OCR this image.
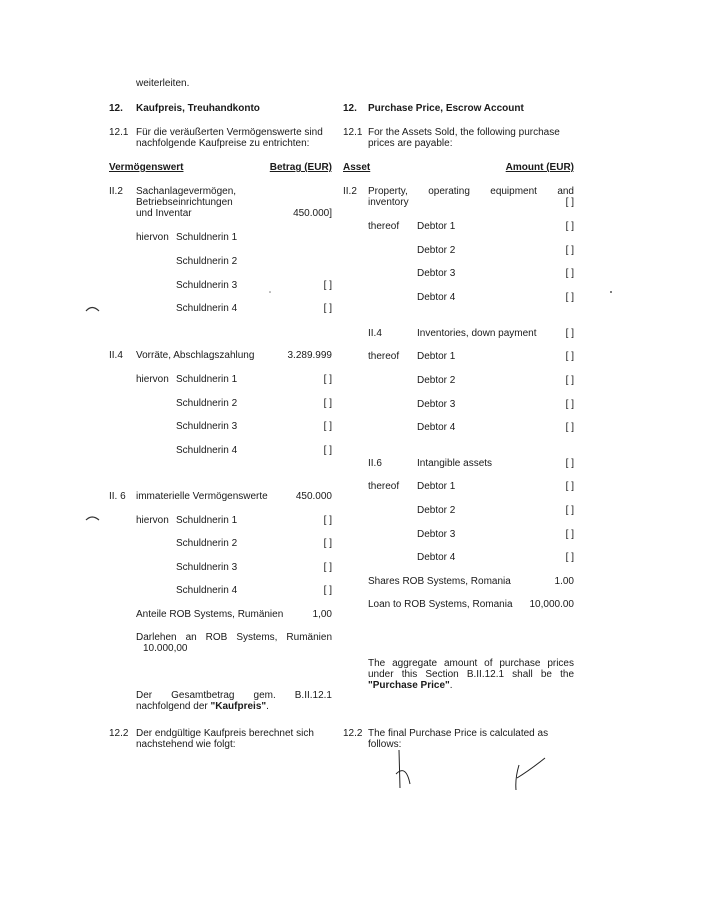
weiterleiten.
12. Kaufpreis, Treuhandkonto
12.1 Für die veräußerten Vermögenswerte sind
nachfolgende Kaufpreise zu entrichten:
Vermögenswert	Betrag (EUR)
II.2 Sachanlagevermögen,
Betriebseinrichtungen
und Inventar	450.000]
hiervon Schuldnerin 1
Schuldnerin 2
Schuldnerin 3	[ ]
Schuldnerin 4	[ ]
II.4 Vorräte, Abschlagszahlung	3.289.999
hiervon Schuldnerin 1	[ ]
Schuldnerin 2	[ ]
Schuldnerin 3	[ ]
Schuldnerin 4	[ ]
II. 6 immaterielle Vermögenswerte	450.000
hiervon Schuldnerin 1	[ ]
Schuldnerin 2	[ ]
Schuldnerin 3	[ ]
Schuldnerin 4	[ ]
Anteile ROB Systems, Rumänien	1,00
Darlehen an ROB Systems, Rumänien
10.000,00
Der Gesamtbetrag gem. B.II.12.1
nachfolgend der "Kaufpreis".
12.2 Der endgültige Kaufpreis berechnet sich
nachstehend wie folgt:
12. Purchase Price, Escrow Account
12.1 For the Assets Sold, the following purchase
prices are payable:
Asset	Amount (EUR)
II.2 Property, operating equipment and
inventory	[ ]
thereof Debtor 1	[ ]
Debtor 2	[ ]
Debtor 3	[ ]
Debtor 4	[ ]
II.4	Inventories, down payment	[ ]
thereof Debtor 1	[ ]
Debtor 2	[ ]
Debtor 3	[ ]
Debtor 4	[ ]
II.6	Intangible assets	[ ]
thereof Debtor 1	[ ]
Debtor 2	[ ]
Debtor 3	[ ]
Debtor 4	[ ]
Shares ROB Systems, Romania	1.00
Loan to ROB Systems, Romania	10,000.00
The aggregate amount of purchase prices
under this Section B.II.12.1 shall be the
"Purchase Price".
12.2 The final Purchase Price is calculated as
follows:
